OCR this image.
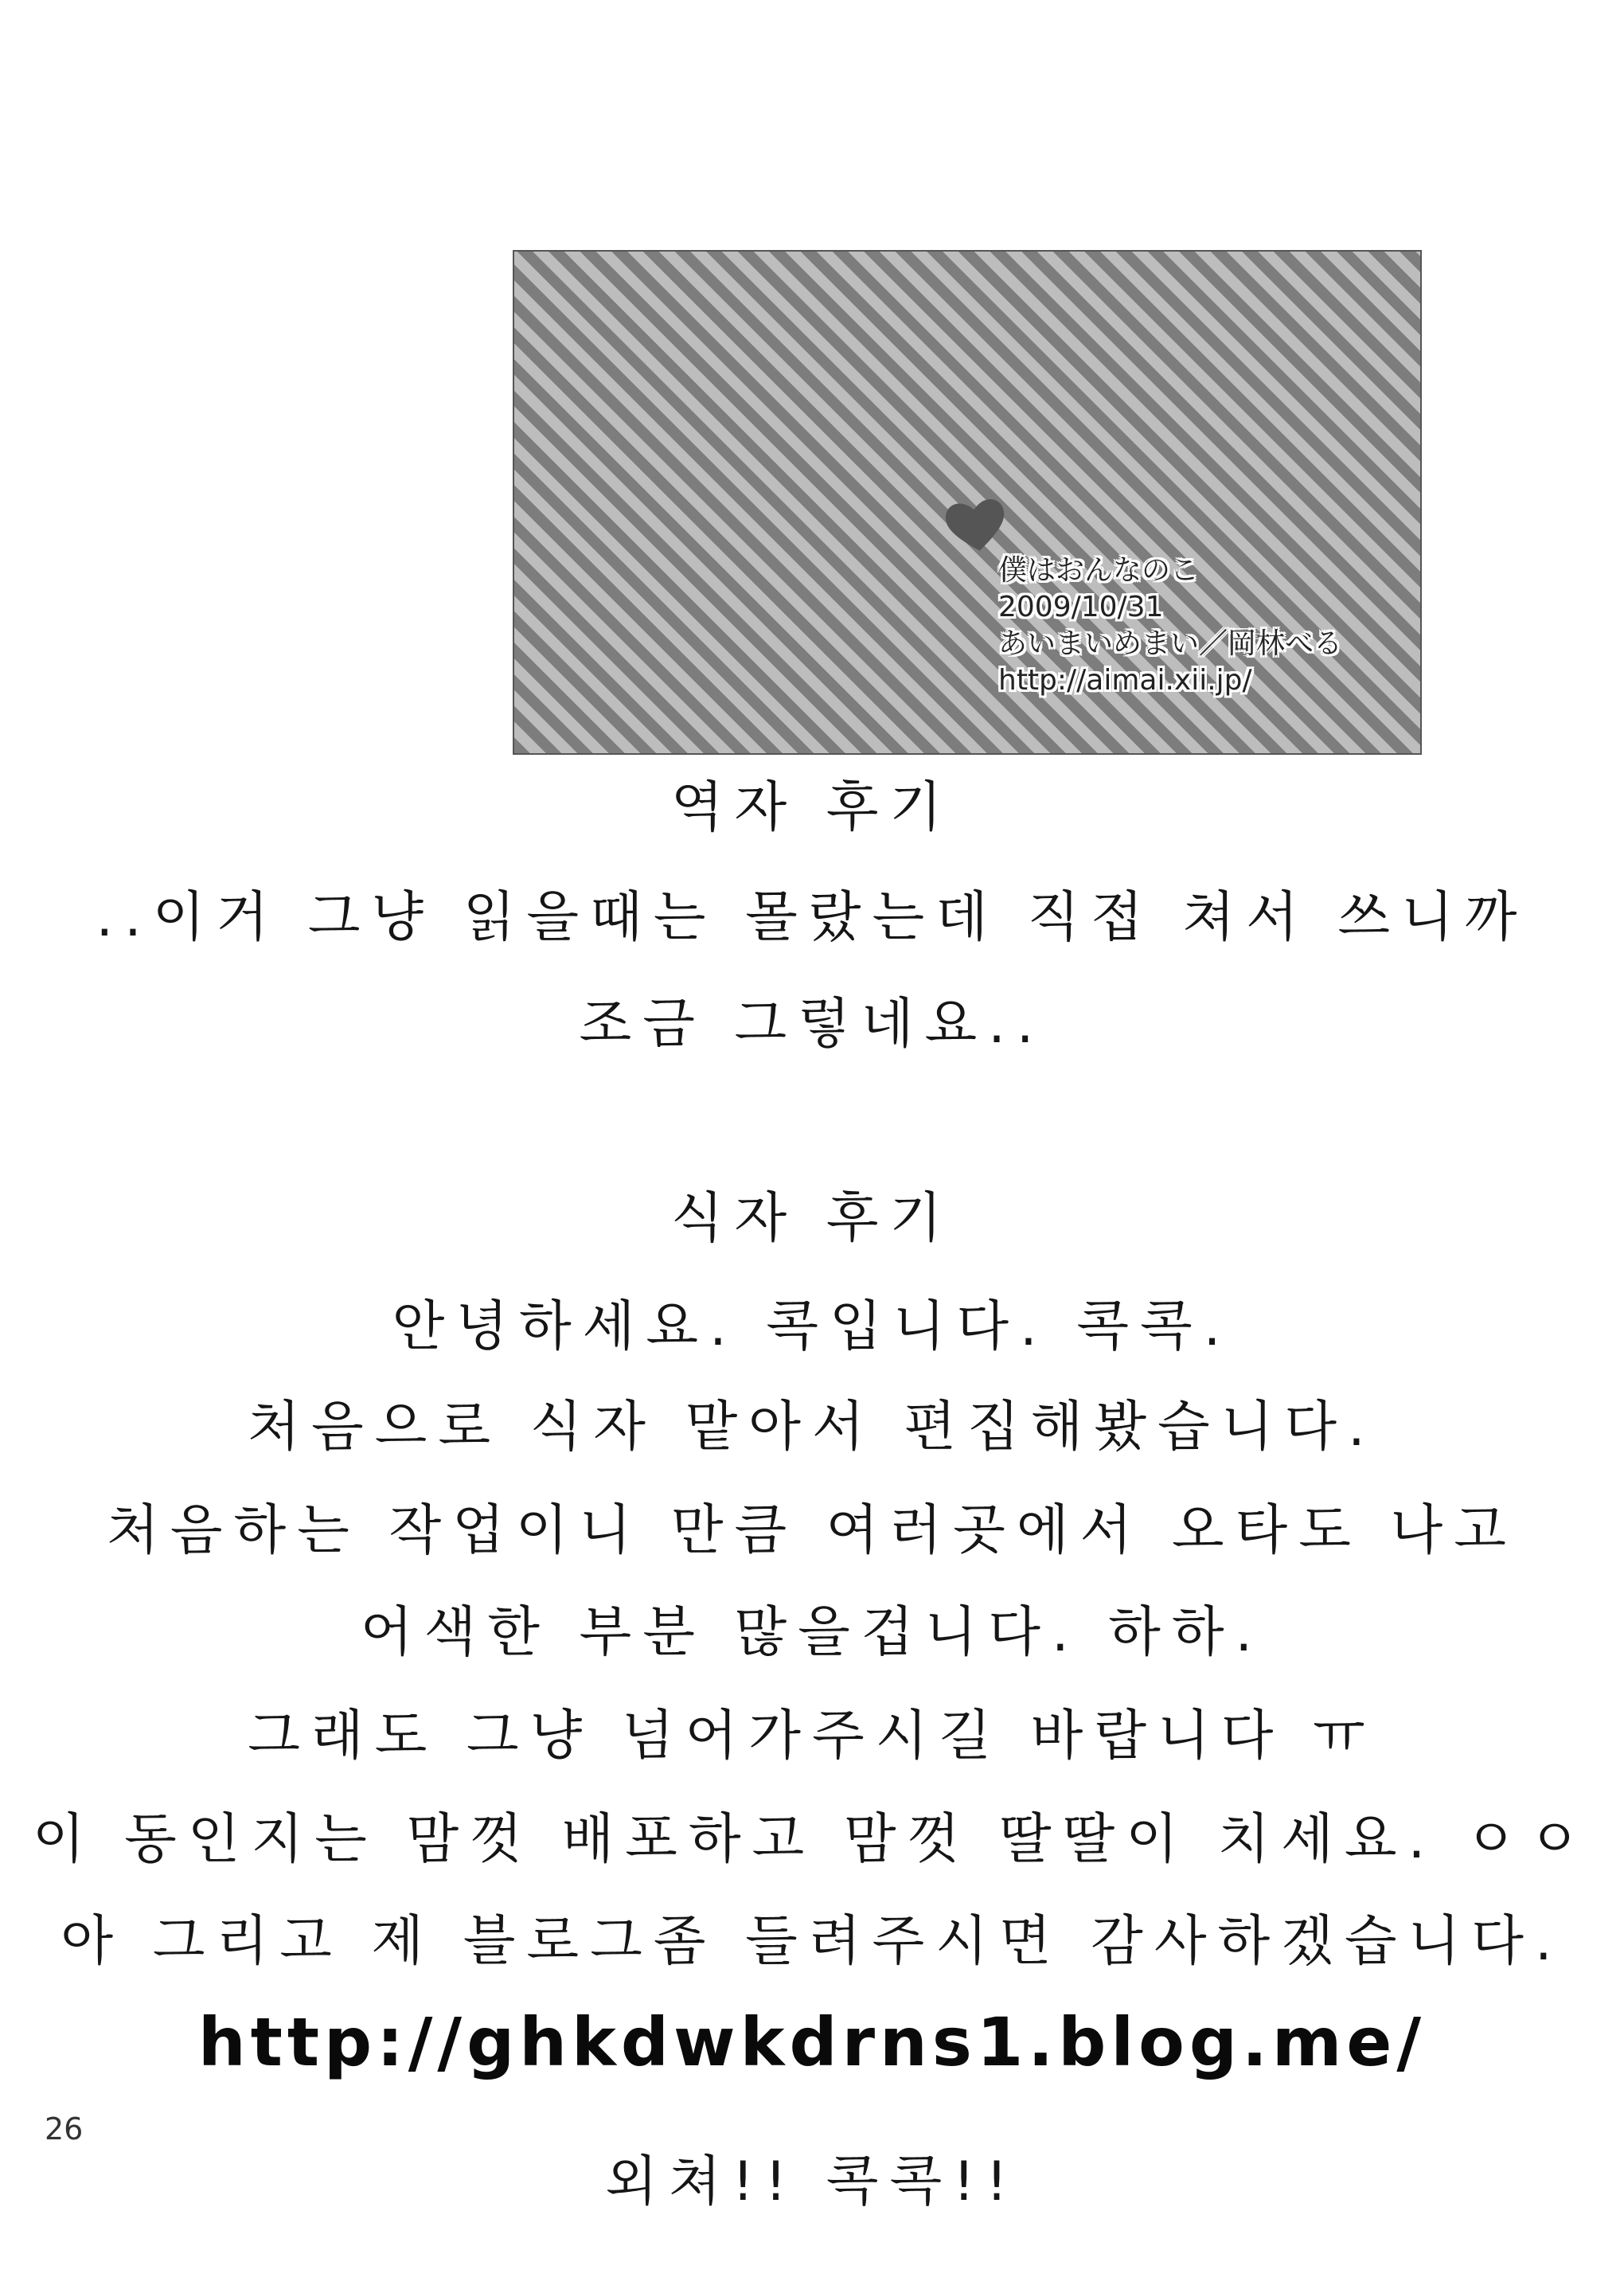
僕はおんなのこ
2009/10/31
あいまいめまい／岡林べる
http://aimai.xii.jp/
역자 후기
..이거 그냥 읽을때는 몰랐는데 직접 쳐서 쓰니까
조금 그렇네요..
식자 후기
안녕하세요. 콕입니다. 콕콕.
처음으로 식자 맡아서 편집해봤습니다.
처음하는 작업이니 만큼 여러곳에서 오타도 나고
어색한 부분 많을겁니다. 하하.
그래도 그냥 넘어가주시길 바랍니다 ㅠ
이 동인지는 맘껏 배포하고 맘껏 딸딸이 치세요. ㅇㅇ
아 그리고 제 블로그좀 들려주시면 감사하겠습니다.
http://ghkdwkdrns1.blog.me/
26
외쳐!! 콕콕!!
